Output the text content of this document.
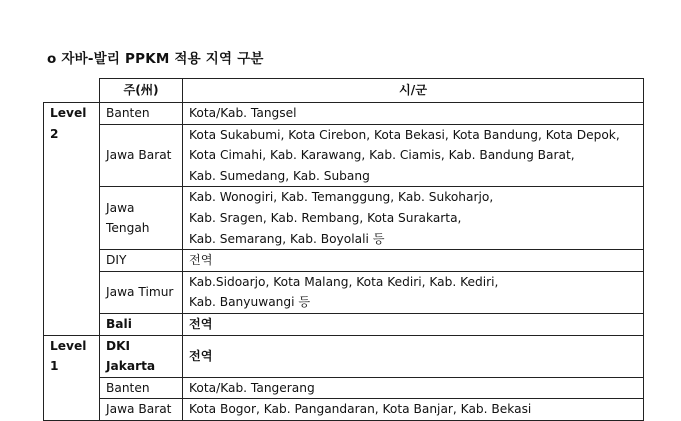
o 자바-발리 PPKM 적용 지역 구분
	주(州)	시/군
Level 2	Banten	Kota/Kab. Tangsel

	Jawa Barat	Kota Sukabumi, Kota Cirebon, Kota Bekasi, Kota Bandung, Kota Depok,
Kota Cimahi, Kab. Karawang, Kab. Ciamis, Kab. Bandung Barat,
Kab. Sumedang, Kab. Subang

	Jawa Tengah	Kab. Wonogiri, Kab. Temanggung, Kab. Sukoharjo,
Kab. Sragen, Kab. Rembang, Kota Surakarta,
Kab. Semarang, Kab. Boyolali 등

	DIY	전역

	Jawa Timur	Kab.Sidoarjo, Kota Malang, Kota Kediri, Kab. Kediri,
Kab. Banyuwangi 등

	Bali	전역

Level 1	DKI Jakarta	전역

	Banten	Kota/Kab. Tangerang

	Jawa Barat	Kota Bogor, Kab. Pangandaran, Kota Banjar, Kab. Bekasi
